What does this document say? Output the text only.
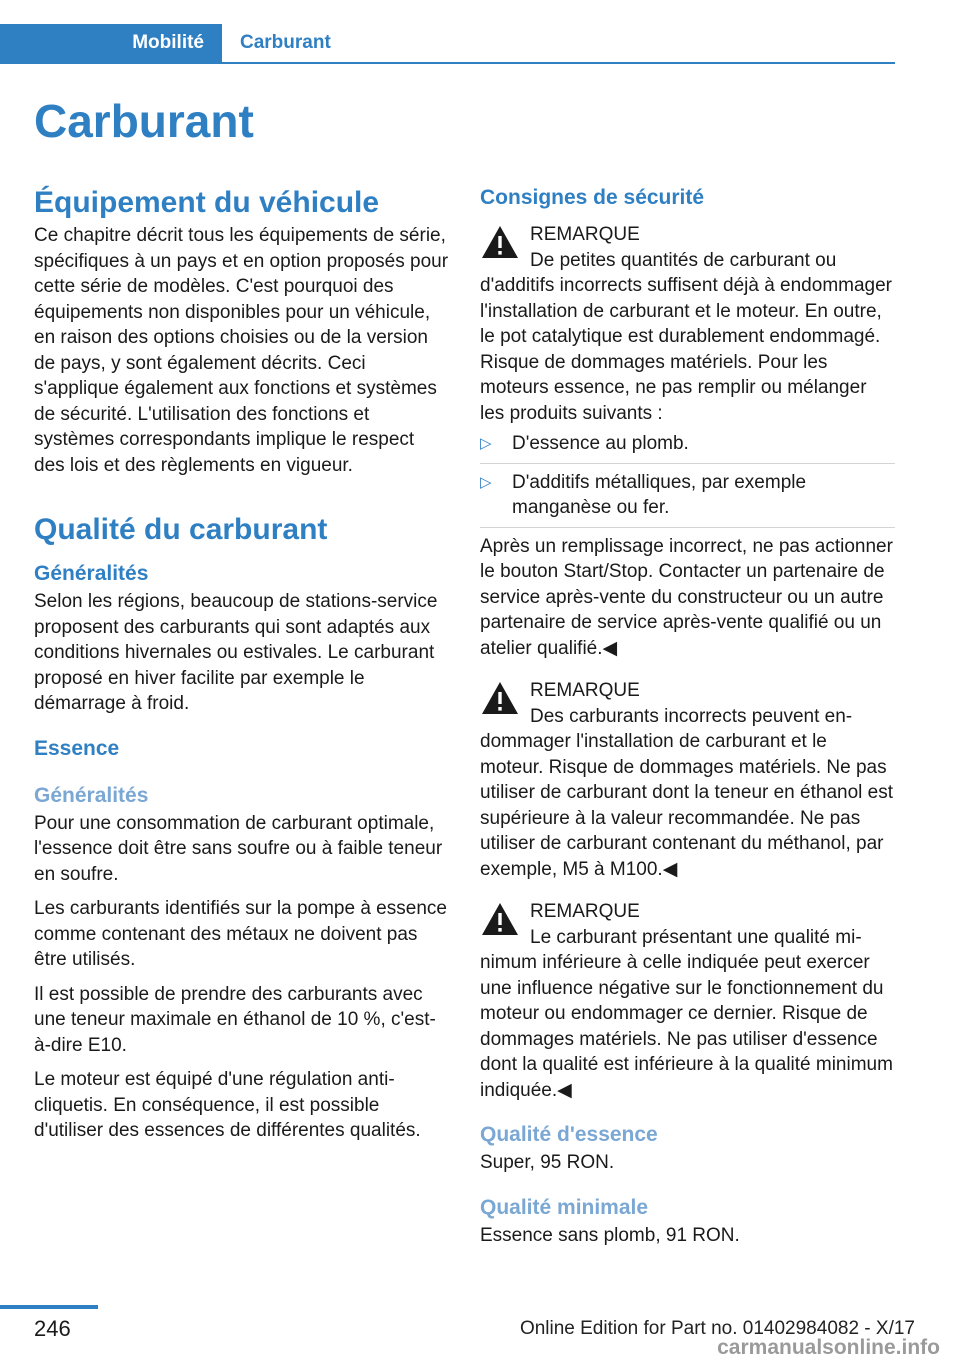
Mobilité	Carburant
Carburant
Équipement du véhicule

Ce chapitre décrit tous les équipements de série, spécifiques à un pays et en option proposés pour cette série de modèles. C'est pourquoi des équipements non disponibles pour un véhicule, en raison des options choisies ou de la version de pays, y sont également décrits. Ceci s'applique également aux fonctions et systèmes de sécurité. L'utilisation des fonctions et systèmes correspondants implique le respect des lois et des règlements en vigueur.

Qualité du carburant
Généralités

Selon les régions, beaucoup de stations-service proposent des carburants qui sont adaptés aux conditions hivernales ou estivales. Le carburant proposé en hiver facilite par exemple le démarrage à froid.

Essence
Généralités

Pour une consommation de carburant optimale, l'essence doit être sans soufre ou à faible teneur en soufre.

Les carburants identifiés sur la pompe à essence comme contenant des métaux ne doivent pas être utilisés.

Il est possible de prendre des carburants avec une teneur maximale en éthanol de 10 %, c'est-à-dire E10.

Le moteur est équipé d'une régulation anti-cliquetis. En conséquence, il est possible d'utiliser des essences de différentes qualités.

Consignes de sécurité
REMARQUE
De petites quantités de carburant ou
d'additifs incorrects suffisent déjà à endommager l'installation de carburant et le moteur. En outre, le pot catalytique est durablement endommagé. Risque de dommages matériels. Pour les moteurs essence, ne pas remplir ou mélanger les produits suivants :
▷ D'essence au plomb.
▷ D'additifs métalliques, par exemple manganèse ou fer.

Après un remplissage incorrect, ne pas actionner le bouton Start/Stop. Contacter un partenaire de service après-vente du constructeur ou un autre partenaire de service après-vente qualifié ou un atelier qualifié.◀

REMARQUE
Des carburants incorrects peuvent en-
dommager l'installation de carburant et le moteur. Risque de dommages matériels. Ne pas utiliser de carburant dont la teneur en éthanol est supérieure à la valeur recommandée. Ne pas utiliser de carburant contenant du méthanol, par exemple, M5 à M100.◀
REMARQUE
Le carburant présentant une qualité mi-
nimum inférieure à celle indiquée peut exercer une influence négative sur le fonctionnement du moteur ou endommager ce dernier. Risque de dommages matériels. Ne pas utiliser d'essence dont la qualité est inférieure à la qualité minimum indiquée.◀
Qualité d'essence

Super, 95 RON.

Qualité minimale

Essence sans plomb, 91 RON.

246	Online Edition for Part no. 01402984082 - X/17
carmanualsonline.info
